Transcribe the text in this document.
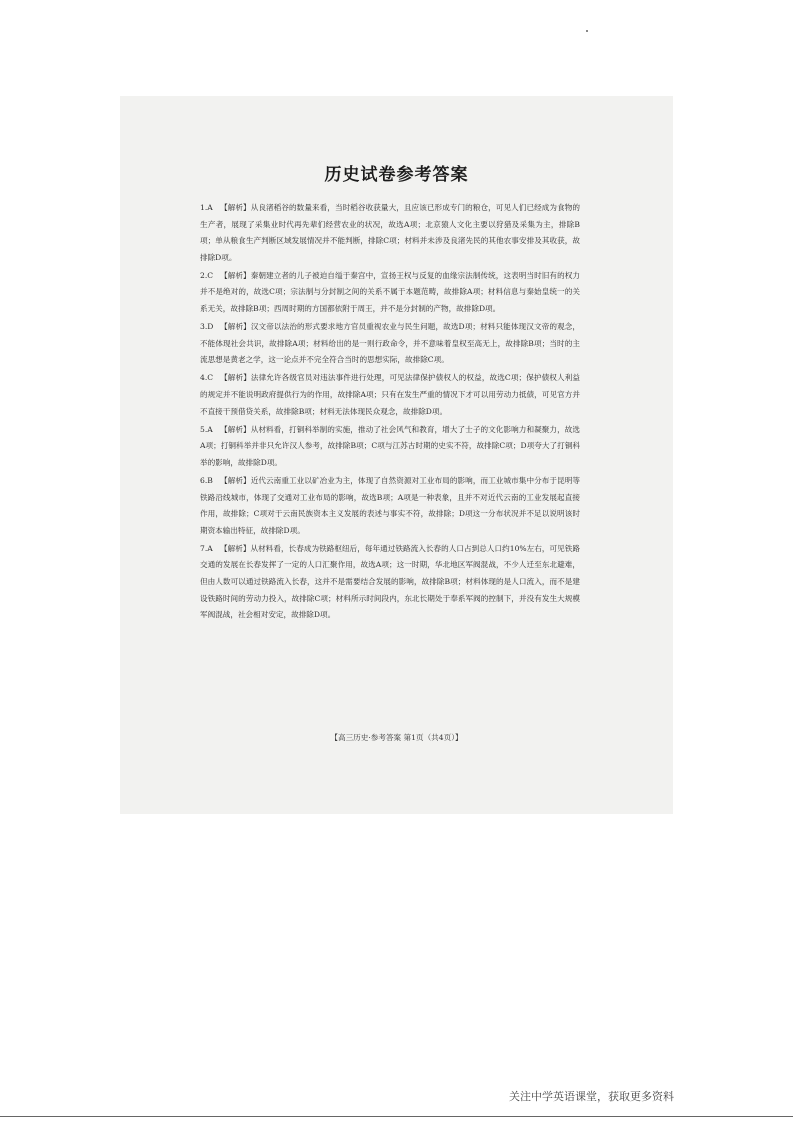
历史试卷参考答案

1.A 【解析】从良渚稻谷的数量来看，当时稻谷收获量大，且应该已形成专门的粮仓，可见人们已经成为食物的生产者，展现了采集业时代再先辈们经营农业的状况，故选A项；北京猿人文化主要以狩猎及采集为主，排除B项；单从粮食生产判断区域发展情况并不能判断，排除C项；材料并未涉及良渚先民的其他农事安排及其收获，故排除D项。

2.C 【解析】秦朝建立者的儿子被迫自缢于秦宫中，宣扬王权与反复的血缘宗法制传统，这表明当时旧有的权力并不是绝对的，故选C项；宗法制与分封制之间的关系不属于本题范畴，故排除A项；材料信息与秦始皇统一的关系无关，故排除B项；西周时期的方国都依附于周王，并不是分封制的产物，故排除D项。

3.D 【解析】汉文帝以法治的形式要求地方官员重视农业与民生问题，故选D项；材料只能体现汉文帝的观念，不能体现社会共识，故排除A项；材料给出的是一则行政命令，并不意味着皇权至高无上，故排除B项；当时的主流思想是黄老之学，这一论点并不完全符合当时的思想实际，故排除C项。

4.C 【解析】法律允许各级官员对违法事件进行处理，可见法律保护债权人的权益，故选C项；保护债权人利益的规定并不能说明政府提供行为的作用，故排除A项；只有在发生严重的情况下才可以用劳动力抵债，可见官方并不直接干预借贷关系，故排除B项；材料无法体现民众观念，故排除D项。

5.A 【解析】从材料看，打铜科举制的实施，推动了社会风气和教育，增大了士子的文化影响力和凝聚力，故选A项；打铜科举并非只允许汉人参考，故排除B项；C项与江苏古时期的史实不符，故排除C项；D项夸大了打铜科举的影响，故排除D项。

6.B 【解析】近代云南重工业以矿冶业为主，体现了自然资源对工业布局的影响，而工业城市集中分布于昆明等铁路沿线城市，体现了交通对工业布局的影响，故选B项；A项是一种表象，且并不对近代云南的工业发展起直接作用，故排除；C项对于云南民族资本主义发展的表述与事实不符，故排除；D项这一分布状况并不足以说明该时期资本输出特征，故排除D项。

7.A 【解析】从材料看，长春成为铁路枢纽后，每年通过铁路流入长春的人口占到总人口约10%左右，可见铁路交通的发展在长春发挥了一定的人口汇聚作用，故选A项；这一时期，华北地区军阀混战，不少人迁至东北避难，但由人数可以通过铁路流入长春，这并不是需要结合发展的影响，故排除B项；材料体现的是人口流入，而不是建设铁路时间的劳动力投入，故排除C项；材料所示时间段内，东北长期处于奉系军阀的控制下，并没有发生大规模军阀混战，社会相对安定，故排除D项。

【高三历史·参考答案 第1页（共4页）】
关注中学英语课堂，获取更多资料
